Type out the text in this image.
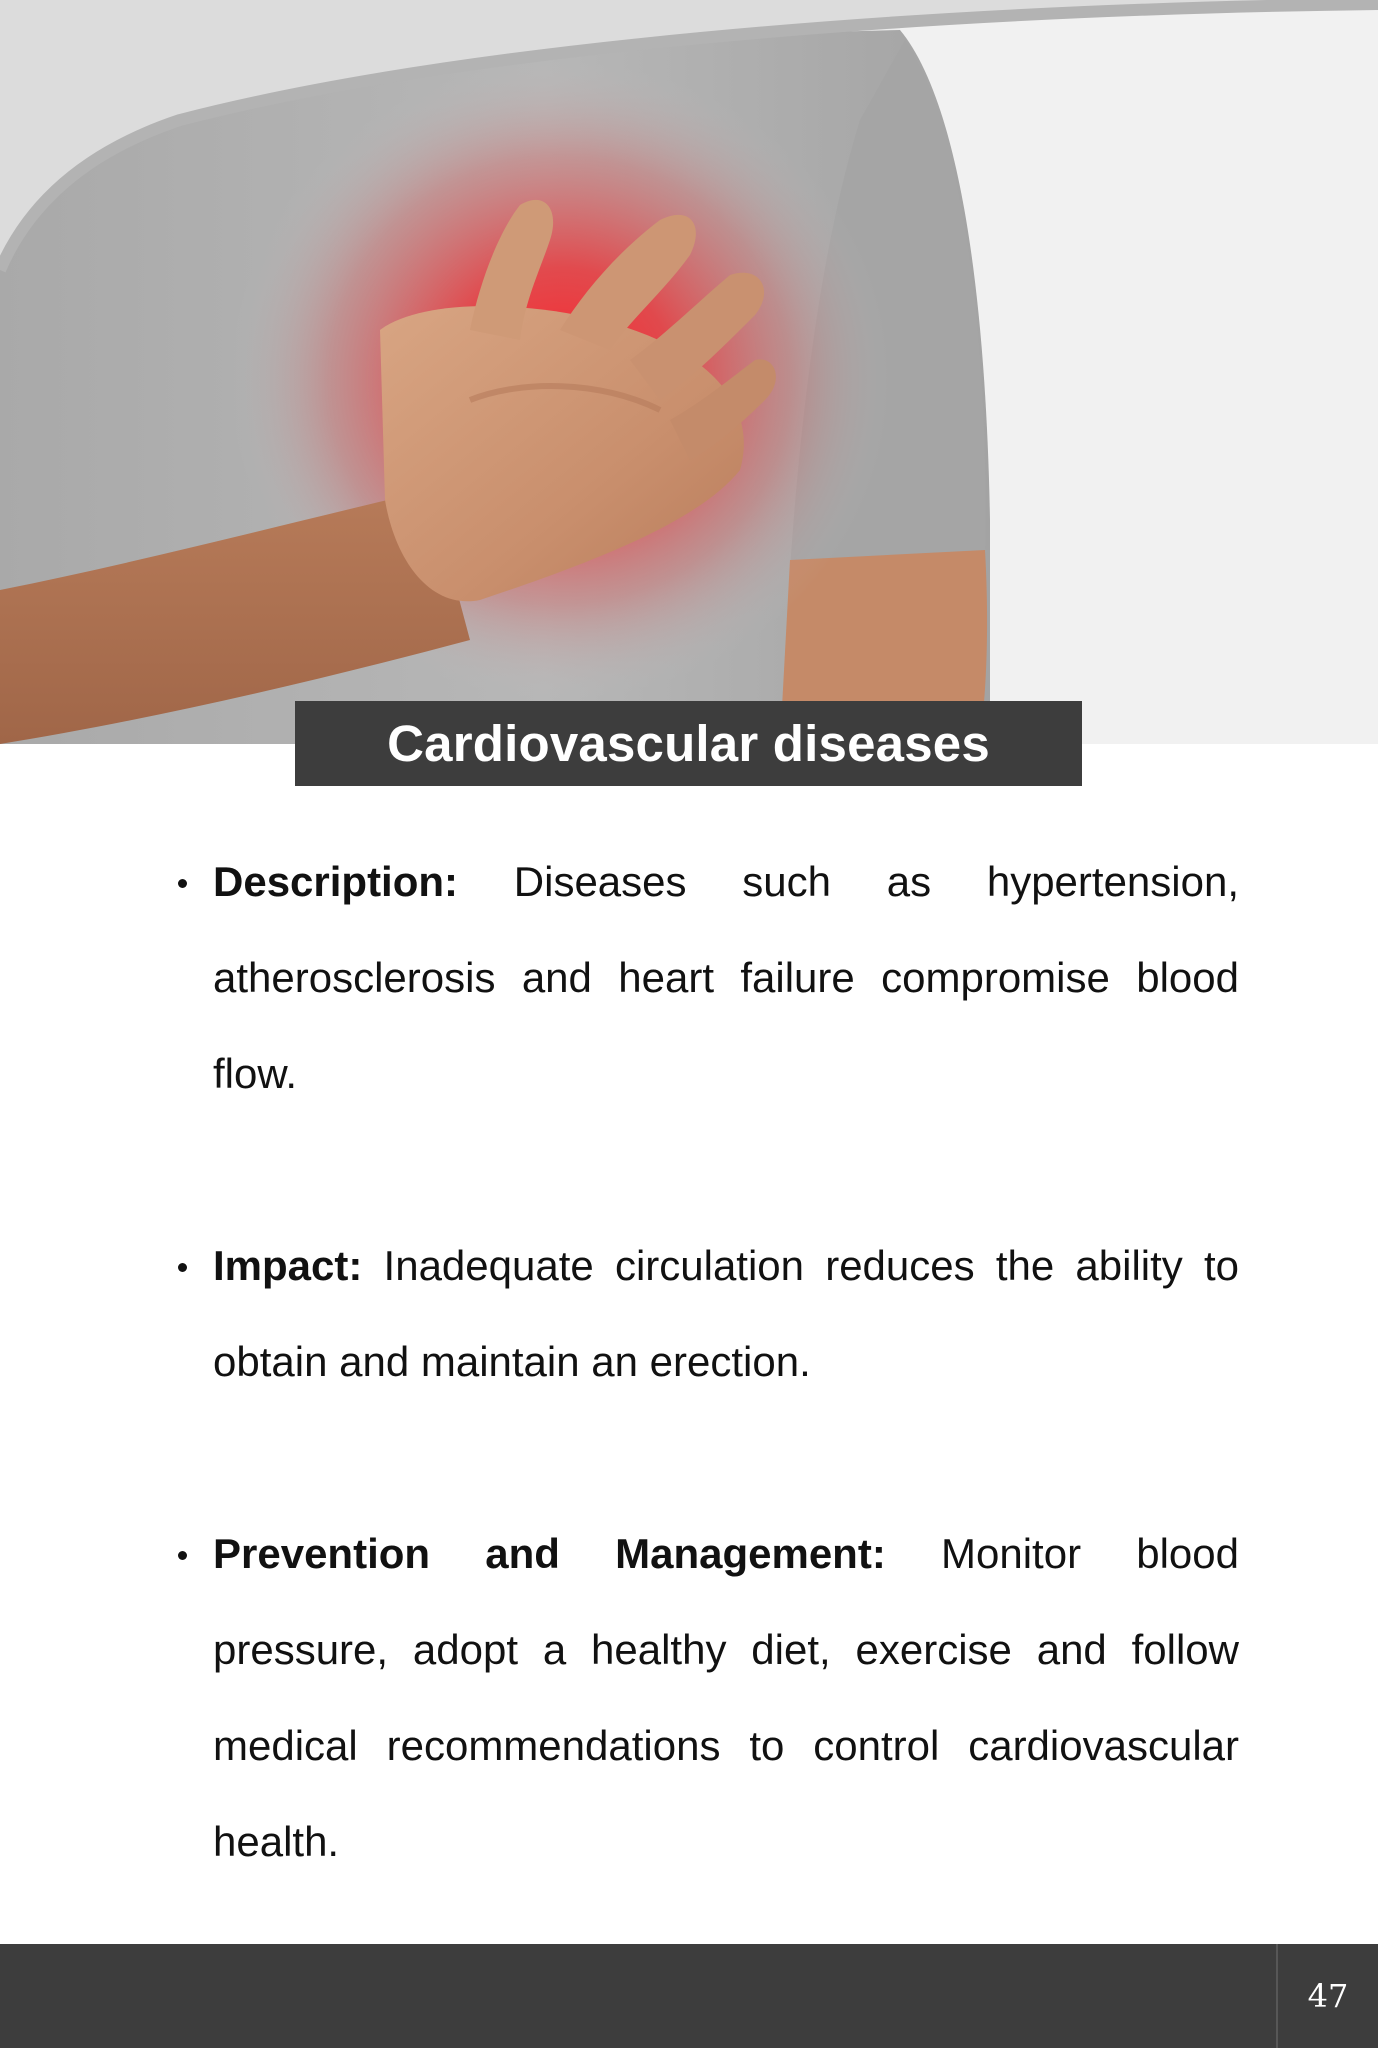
Cardiovascular diseases
Description: Diseases such as hypertension, atherosclerosis and heart failure compromise blood flow.
Impact: Inadequate circulation reduces the ability to obtain and maintain an erection.
Prevention and Management: Monitor blood pressure, adopt a healthy diet, exercise and follow medical recommendations to control cardiovascular health.
47
